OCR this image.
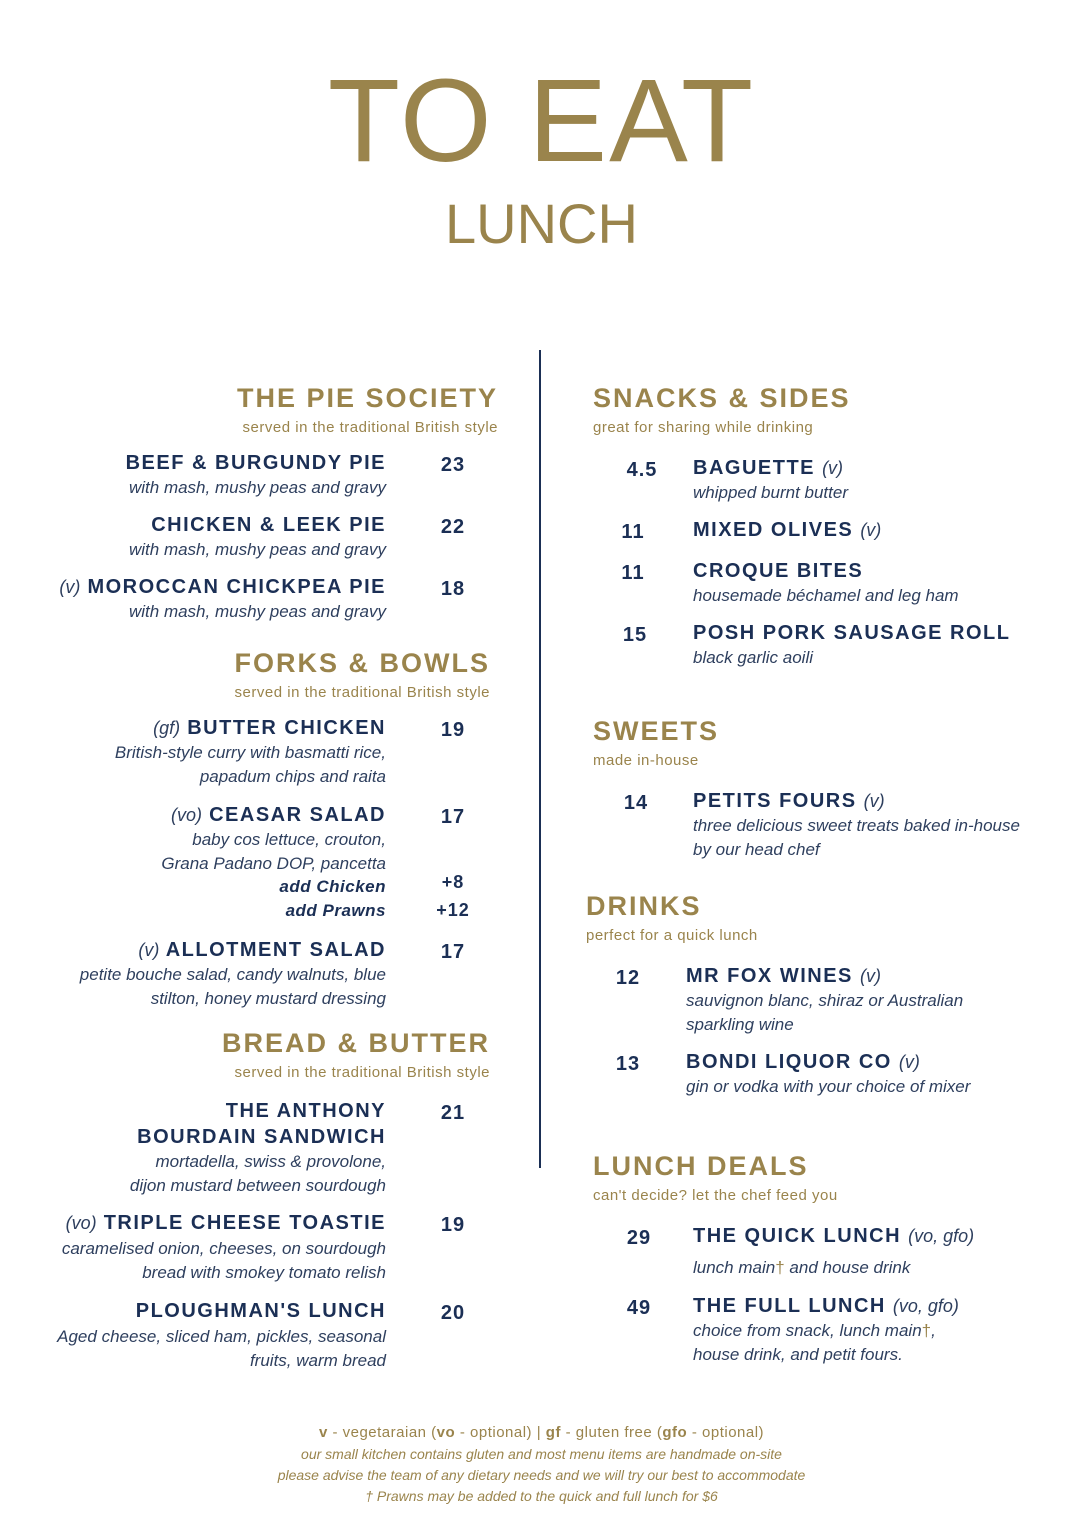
TO EAT
LUNCH
THE PIE SOCIETY
served in the traditional British style
BEEF & BURGUNDY PIE	23
with mash, mushy peas and gravy
CHICKEN & LEEK PIE	22
with mash, mushy peas and gravy
(v) MOROCCAN CHICKPEA PIE	18
with mash, mushy peas and gravy
FORKS & BOWLS
served in the traditional British style
(gf) BUTTER CHICKEN	19
British-style curry with basmatti rice,
papadum chips and raita
(vo) CEASAR SALAD	17
baby cos lettuce, crouton,
Grana Padano DOP, pancetta
add Chicken	+8
add Prawns	+12
(v) ALLOTMENT SALAD	17
petite bouche salad, candy walnuts, blue
stilton, honey mustard dressing
BREAD & BUTTER
served in the traditional British style
THE ANTHONY
BOURDAIN SANDWICH
21
mortadella, swiss & provolone,
dijon mustard between sourdough
(vo) TRIPLE CHEESE TOASTIE	19
caramelised onion, cheeses, on sourdough
bread with smokey tomato relish
PLOUGHMAN'S LUNCH	20
Aged cheese, sliced ham, pickles, seasonal
fruits, warm bread
SNACKS & SIDES
great for sharing while drinking
4.5	BAGUETTE (v)
whipped burnt butter
11	MIXED OLIVES (v)
11	CROQUE BITES
housemade béchamel and leg ham
15	POSH PORK SAUSAGE ROLL
black garlic aoili
SWEETS
made in-house
14	PETITS FOURS (v)
three delicious sweet treats baked in-house
by our head chef
DRINKS
perfect for a quick lunch
12	MR FOX WINES (v)
sauvignon blanc, shiraz or Australian
sparkling wine
13	BONDI LIQUOR CO (v)
gin or vodka with your choice of mixer
LUNCH DEALS
can't decide? let the chef feed you
29	THE QUICK LUNCH (vo, gfo)
lunch main† and house drink
49	THE FULL LUNCH (vo, gfo)
choice from snack, lunch main†,
house drink, and petit fours.
v - vegetaraian (vo - optional) | gf - gluten free (gfo - optional)
our small kitchen contains gluten and most menu items are handmade on-site
please advise the team of any dietary needs and we will try our best to accommodate
† Prawns may be added to the quick and full lunch for $6
